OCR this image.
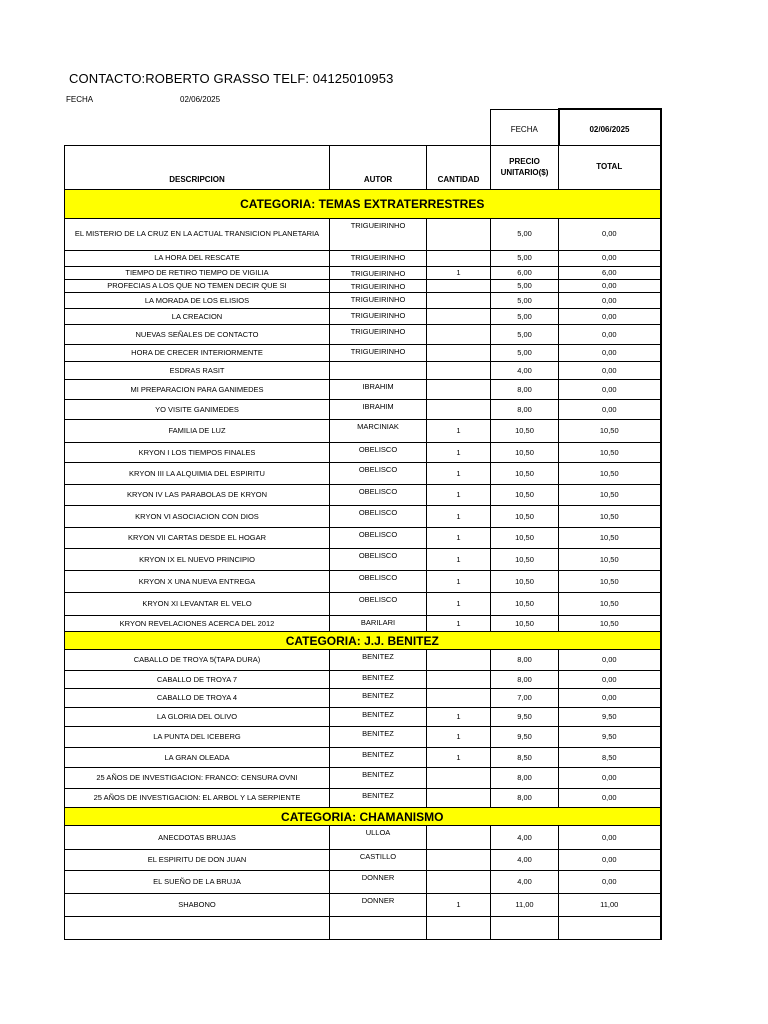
CONTACTO:ROBERTO GRASSO TELF: 04125010953
FECHA	02/06/2025
			FECHA	02/06/2025
DESCRIPCION	AUTOR	CANTIDAD	PRECIO UNITARIO($)	TOTAL
CATEGORIA: TEMAS EXTRATERRESTRES				
EL MISTERIO DE LA CRUZ EN LA ACTUAL TRANSICION PLANETARIA	TRIGUEIRINHO		5,00	0,00
LA HORA DEL RESCATE	TRIGUEIRINHO		5,00	0,00
TIEMPO DE RETIRO TIEMPO DE VIGILIA	TRIGUEIRINHO	1	6,00	6,00
PROFECIAS A LOS QUE NO TEMEN DECIR QUE SI	TRIGUEIRINHO		5,00	0,00
LA MORADA DE LOS ELISIOS	TRIGUEIRINHO		5,00	0,00
LA CREACION	TRIGUEIRINHO		5,00	0,00
NUEVAS SEÑALES DE CONTACTO	TRIGUEIRINHO		5,00	0,00
HORA DE CRECER INTERIORMENTE	TRIGUEIRINHO		5,00	0,00
ESDRAS RASIT			4,00	0,00
MI PREPARACION PARA GANIMEDES	IBRAHIM		8,00	0,00
YO VISITE GANIMEDES	IBRAHIM		8,00	0,00
FAMILIA DE LUZ	MARCINIAK	1	10,50	10,50
KRYON I LOS TIEMPOS FINALES	OBELISCO	1	10,50	10,50
KRYON III LA ALQUIMIA DEL ESPIRITU	OBELISCO	1	10,50	10,50
KRYON IV LAS PARABOLAS DE KRYON	OBELISCO	1	10,50	10,50
KRYON VI ASOCIACION CON DIOS	OBELISCO	1	10,50	10,50
KRYON VII CARTAS DESDE EL HOGAR	OBELISCO	1	10,50	10,50
KRYON IX EL NUEVO PRINCIPIO	OBELISCO	1	10,50	10,50
KRYON X UNA NUEVA ENTREGA	OBELISCO	1	10,50	10,50
KRYON XI LEVANTAR EL VELO	OBELISCO	1	10,50	10,50
KRYON REVELACIONES ACERCA DEL 2012	BARILARI	1	10,50	10,50
CATEGORIA: J.J. BENITEZ				
CABALLO DE TROYA 5(TAPA DURA)	BENITEZ		8,00	0,00
CABALLO DE TROYA 7	BENITEZ		8,00	0,00
CABALLO DE TROYA 4	BENITEZ		7,00	0,00
LA GLORIA DEL OLIVO	BENITEZ	1	9,50	9,50
LA PUNTA DEL ICEBERG	BENITEZ	1	9,50	9,50
LA GRAN OLEADA	BENITEZ	1	8,50	8,50
25 AÑOS DE INVESTIGACION: FRANCO: CENSURA OVNI	BENITEZ		8,00	0,00
25 AÑOS DE INVESTIGACION: EL ARBOL Y LA SERPIENTE	BENITEZ		8,00	0,00
CATEGORIA: CHAMANISMO				
ANECDOTAS BRUJAS	ULLOA		4,00	0,00
EL ESPIRITU DE DON JUAN	CASTILLO		4,00	0,00
EL SUEÑO DE LA BRUJA	DONNER		4,00	0,00
SHABONO	DONNER	1	11,00	11,00
